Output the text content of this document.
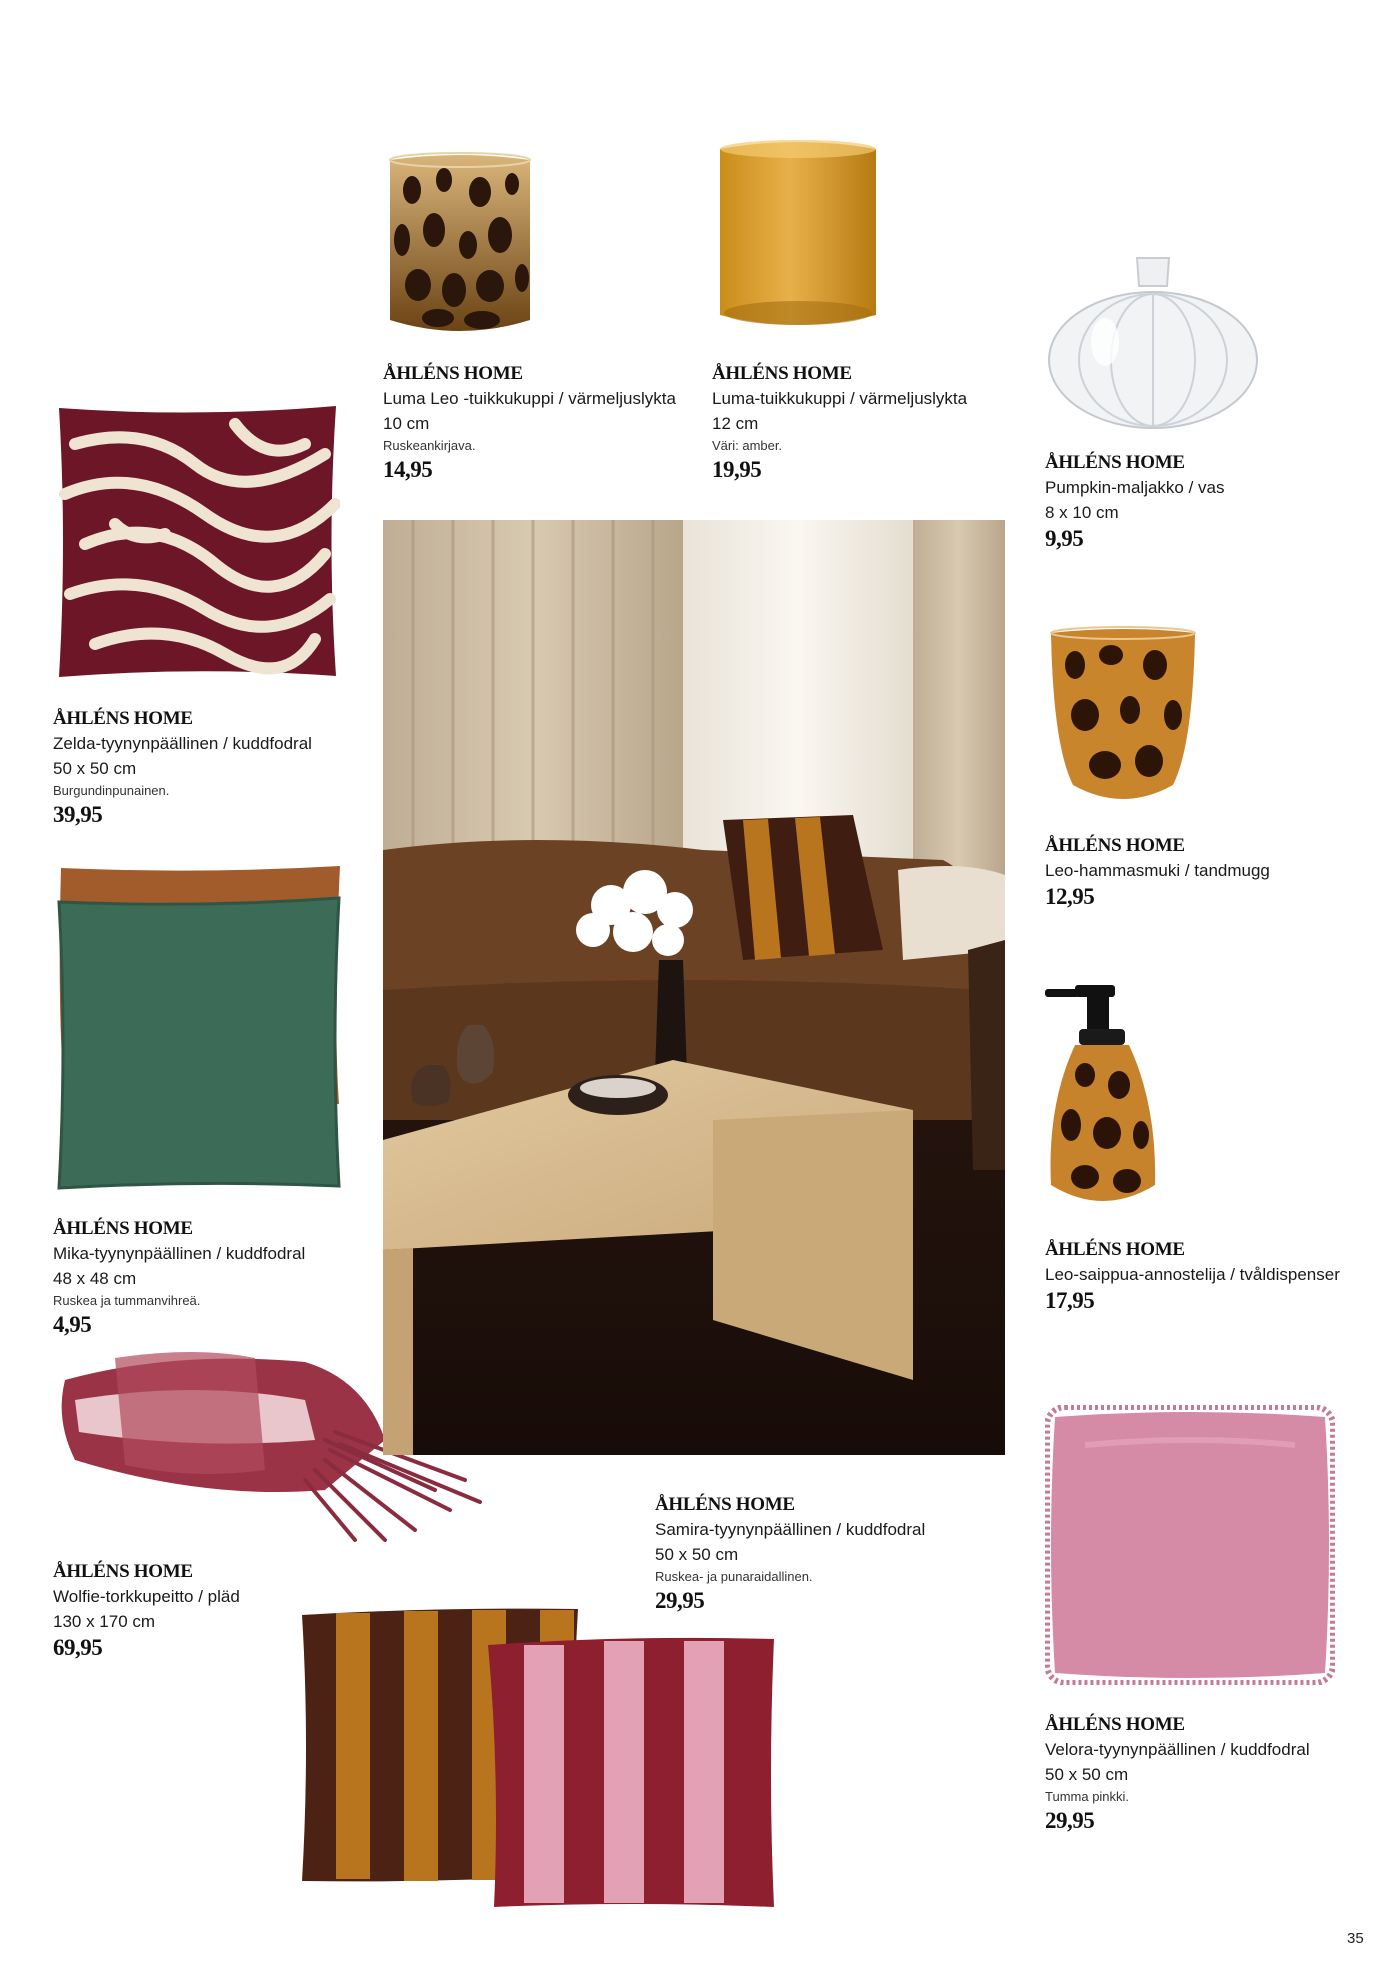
ÅHLÉNS HOME
Luma Leo -tuikkukuppi / värmeljuslykta
10 cm
Ruskeankirjava.
14,95
ÅHLÉNS HOME
Luma-tuikkukuppi / värmeljuslykta
12 cm
Väri: amber.
19,95	ÅHLÉNS HOME
Pumpkin-maljakko / vas
8 x 10 cm
9,95
ÅHLÉNS HOME
Zelda-tyynynpäällinen / kuddfodral
50 x 50 cm
Burgundinpunainen.
39,95
ÅHLÉNS HOME
Leo-hammasmuki / tandmugg
12,95
ÅHLÉNS HOME
Mika-tyynynpäällinen / kuddfodral
48 x 48 cm
Ruskea ja tummanvihreä.
4,95
ÅHLÉNS HOME
Leo-saippua-annostelija / tvåldispenser
17,95
ÅHLÉNS HOME
Samira-tyynynpäällinen / kuddfodral
50 x 50 cm
Ruskea- ja punaraidallinen.
29,95
ÅHLÉNS HOME
Wolfie-torkkupeitto / pläd
130 x 170 cm
69,95
ÅHLÉNS HOME
Velora-tyynynpäällinen / kuddfodral
50 x 50 cm
Tumma pinkki.
29,95
35
